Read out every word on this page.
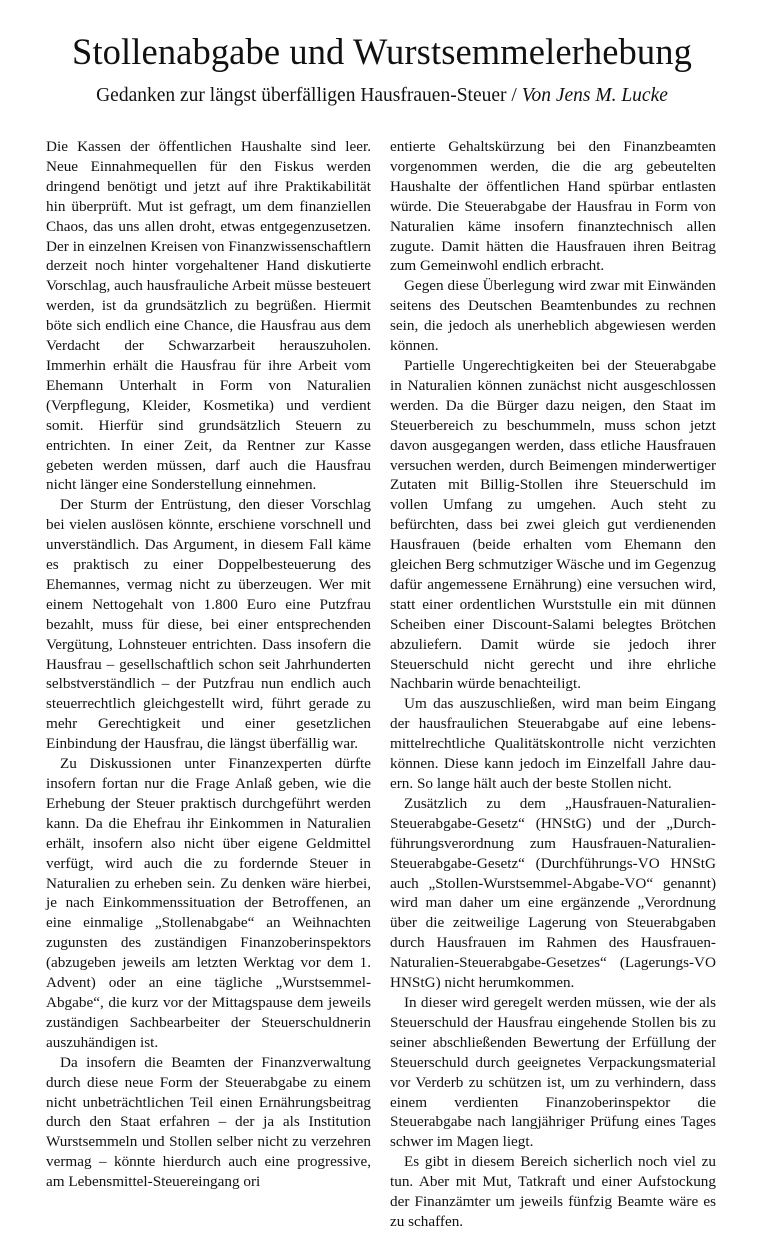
Stollenabgabe und Wurstsemmelerhebung
Gedanken zur längst überfälligen Hausfrauen-Steuer / Von Jens M. Lucke

Die Kassen der öffentlichen Haushalte sind leer. Neue Einnahmequellen für den Fiskus werden dringend benötigt und jetzt auf ihre Praktikabilität hin überprüft. Mut ist gefragt, um dem finanziellen Chaos, das uns allen droht, etwas entgegenzusetzen. Der in einzelnen Kreisen von Finanzwissenschaftlern derzeit noch hinter vorgehaltener Hand diskutierte Vorschlag, auch hausfrauliche Arbeit müsse besteuert werden, ist da grundsätzlich zu begrüßen. Hiermit böte sich endlich eine Chance, die Hausfrau aus dem Verdacht der Schwarzarbeit herauszuholen. Immerhin erhält die Hausfrau für ihre Arbeit vom Ehemann Unterhalt in Form von Naturalien (Verpflegung, Kleider, Kosmetika) und verdient somit. Hierfür sind grundsätzlich Steuern zu entrichten. In einer Zeit, da Rentner zur Kasse gebeten werden müssen, darf auch die Hausfrau nicht länger eine Sonderstellung einnehmen.

Der Sturm der Entrüstung, den dieser Vorschlag bei vielen auslösen könnte, erschiene vorschnell und unverständlich. Das Argument, in diesem Fall käme es praktisch zu einer Doppelbesteuerung des Ehemannes, vermag nicht zu überzeugen. Wer mit einem Nettogehalt von 1.800 Euro eine Putzfrau bezahlt, muss für diese, bei einer entsprechenden Vergütung, Lohnsteuer entrichten. Dass insofern die Hausfrau – gesellschaftlich schon seit Jahrhunderten selbstverständlich – der Putzfrau nun endlich auch steuerrechtlich gleichgestellt wird, führt gerade zu mehr Gerechtigkeit und einer gesetzlichen Einbindung der Hausfrau, die längst überfällig war.

Zu Diskussionen unter Finanzexperten dürfte insofern fortan nur die Frage Anlaß geben, wie die Erhebung der Steuer praktisch durchgeführt werden kann. Da die Ehefrau ihr Einkommen in Naturalien erhält, insofern also nicht über eigene Geldmittel verfügt, wird auch die zu fordernde Steuer in Naturalien zu erheben sein. Zu denken wäre hierbei, je nach Einkommenssituation der Betroffenen, an eine einmalige „Stollenabgabe“ an Weihnachten zugunsten des zuständigen Finanzoberinspektors (abzugeben jeweils am letzten Werktag vor dem 1. Advent) oder an eine tägliche „Wurstsemmel-Abgabe“, die kurz vor der Mittagspause dem jeweils zuständigen Sachbearbeiter der Steuerschuldnerin auszuhändigen ist.

Da insofern die Beamten der Finanzverwaltung durch diese neue Form der Steuerabgabe zu einem nicht unbeträchtlichen Teil einen Ernährungsbeitrag durch den Staat erfahren – der ja als Institution Wurstsemmeln und Stollen selber nicht zu verzehren vermag – könnte hierdurch auch eine progressive, am Lebensmittel-Steuereingang ori

entierte Gehaltskürzung bei den Finanzbeamten vorgenommen werden, die die arg gebeutelten Haushalte der öffentlichen Hand spürbar entlasten würde. Die Steuerabgabe der Hausfrau in Form von Naturalien käme insofern finanztechnisch allen zugute. Damit hätten die Hausfrauen ihren Beitrag zum Gemeinwohl endlich erbracht.

Gegen diese Überlegung wird zwar mit Einwänden seitens des Deutschen Beamtenbundes zu rechnen sein, die jedoch als unerheblich abgewiesen werden können.

Partielle Ungerechtigkeiten bei der Steuerabgabe in Naturalien können zunächst nicht ausgeschlossen werden. Da die Bürger dazu neigen, den Staat im Steuerbereich zu beschummeln, muss schon jetzt davon ausgegangen werden, dass etliche Hausfrauen versuchen werden, durch Beimengen minderwertiger Zutaten mit Billig-Stollen ihre Steuerschuld im vollen Umfang zu umgehen. Auch steht zu befürchten, dass bei zwei gleich gut verdienenden Hausfrauen (beide erhalten vom Ehemann den gleichen Berg schmutziger Wäsche und im Gegenzug dafür angemessene Ernährung) eine versuchen wird, statt einer ordentlichen Wurststulle ein mit dünnen Scheiben einer Discount-Salami belegtes Brötchen abzuliefern. Damit würde sie jedoch ihrer Steuerschuld nicht gerecht und ihre ehrliche Nachbarin würde benachteiligt.

Um das auszuschließen, wird man beim Eingang der hausfraulichen Steuerabgabe auf eine lebensmittelrechtliche Qualitätskontrolle nicht verzichten können. Diese kann jedoch im Einzelfall Jahre dauern. So lange hält auch der beste Stollen nicht.

Zusätzlich zu dem „Hausfrauen-Naturalien-Steuerabgabe-Gesetz“ (HNStG) und der „Durchführungsverordnung zum Hausfrauen-Naturalien-Steuerabgabe-Gesetz“ (Durchführungs-VO HNStG auch „Stollen-Wurstsemmel-Abgabe-VO“ genannt) wird man daher um eine ergänzende „Verordnung über die zeitweilige Lagerung von Steuerabgaben durch Hausfrauen im Rahmen des Hausfrauen-Naturalien-Steuerabgabe-Gesetzes“ (Lagerungs-VO HNStG) nicht herumkommen.

In dieser wird geregelt werden müssen, wie der als Steuerschuld der Hausfrau eingehende Stollen bis zu seiner abschließenden Bewertung der Erfüllung der Steuerschuld durch geeignetes Verpackungsmaterial vor Verderb zu schützen ist, um zu verhindern, dass einem verdienten Finanzoberinspektor die Steuerabgabe nach langjähriger Prüfung eines Tages schwer im Magen liegt.

Es gibt in diesem Bereich sicherlich noch viel zu tun. Aber mit Mut, Tatkraft und einer Aufstockung der Finanzämter um jeweils fünfzig Beamte wäre es zu schaffen.
